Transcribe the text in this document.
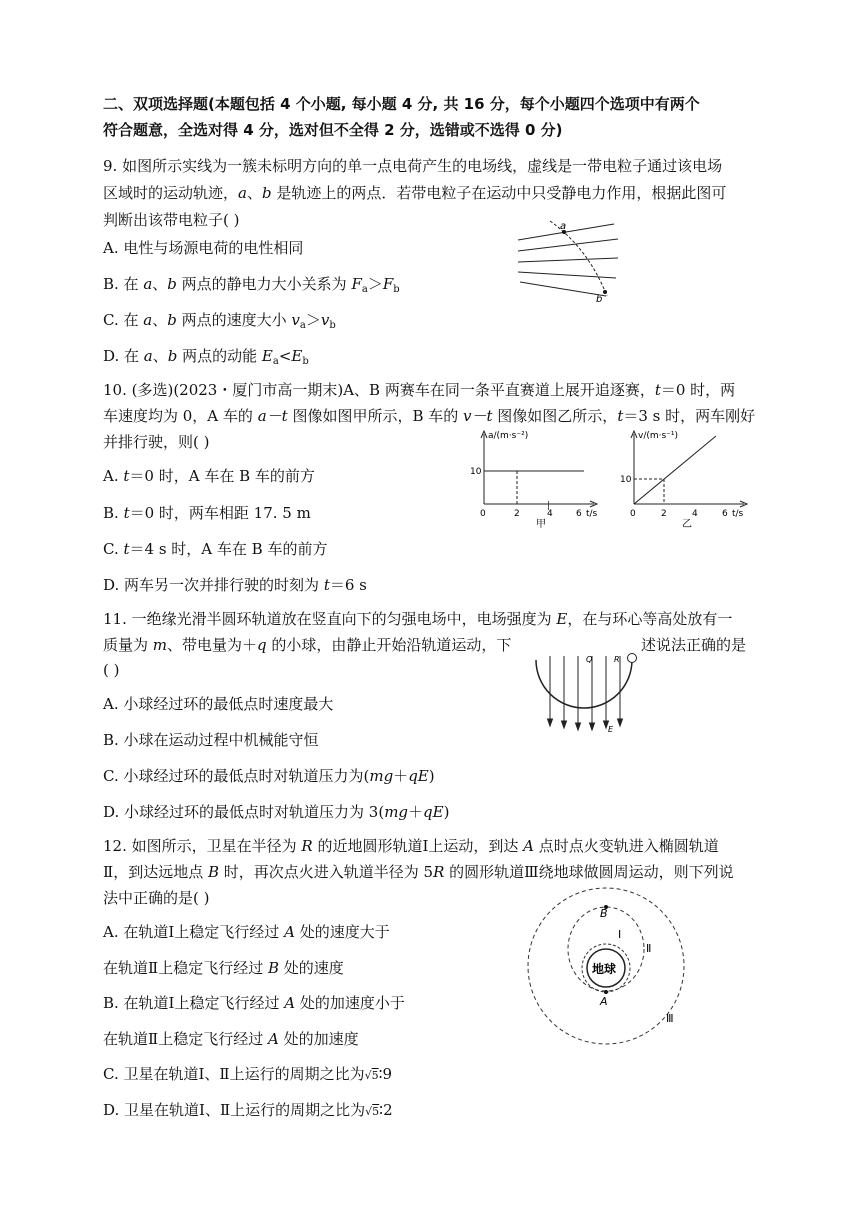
二、双项选择题(本题包括 4 个小题, 每小题 4 分, 共 16 分，每个小题四个选项中有两个
符合题意，全选对得 4 分，选对但不全得 2 分，选错或不选得 0 分)
9. 如图所示实线为一簇未标明方向的单一点电荷产生的电场线，虚线是一带电粒子通过该电场
区域时的运动轨迹，a、b 是轨迹上的两点．若带电粒子在运动中只受静电力作用，根据此图可
判断出该带电粒子( )	a
b
A. 电性与场源电荷的电性相同
B. 在 a、b 两点的静电力大小关系为 $F_a>F_b$
C. 在 a、b 两点的速度大小 $v_a>v_b$
D. 在 a、b 两点的动能 $E_a<E_b$
10. (多选)(2023・厦门市高一期末)A、B 两赛车在同一条平直赛道上展开追逐赛，t＝0 时，两
车速度均为 0，A 车的 a－t 图像如图甲所示，B 车的 v－t 图像如图乙所示，t＝3 s 时，两车刚好
并排行驶，则( )	a/(m·s⁻²)
10
0	2	4	6 t/s
甲
|
v/(m·s⁻¹)
10
0	2	4	6 t/s
乙
A. t＝0 时，A 车在 B 车的前方
B. t＝0 时，两车相距 17. 5 m
C. t＝4 s 时，A 车在 B 车的前方
D. 两车另一次并排行驶的时刻为 t＝6 s
11. 一绝缘光滑半圆环轨道放在竖直向下的匀强电场中，电场强度为 E，在与环心等高处放有一
质量为 m、带电量为＋q 的小球，由静止开始沿轨道运动，下	述说法正确的是
( )
Q	R
E
A. 小球经过环的最低点时速度最大
B. 小球在运动过程中机械能守恒
C. 小球经过环的最低点时对轨道压力为(mg＋qE)
D. 小球经过环的最低点时对轨道压力为 3(mg＋qE)
12. 如图所示，卫星在半径为 R 的近地圆形轨道Ⅰ上运动，到达 A 点时点火变轨进入椭圆轨道
Ⅱ，到达远地点 B 时，再次点火进入轨道半径为 5R 的圆形轨道Ⅲ绕地球做圆周运动，则下列说
法中正确的是( )
地球
B
A
Ⅰ
Ⅱ
Ⅲ
A. 在轨道Ⅰ上稳定飞行经过 A 处的速度大于
在轨道Ⅱ上稳定飞行经过 B 处的速度
B. 在轨道Ⅰ上稳定飞行经过 A 处的加速度小于
在轨道Ⅱ上稳定飞行经过 A 处的加速度
C. 卫星在轨道Ⅰ、Ⅱ上运行的周期之比为√5∶9
D. 卫星在轨道Ⅰ、Ⅱ上运行的周期之比为√5∶2
